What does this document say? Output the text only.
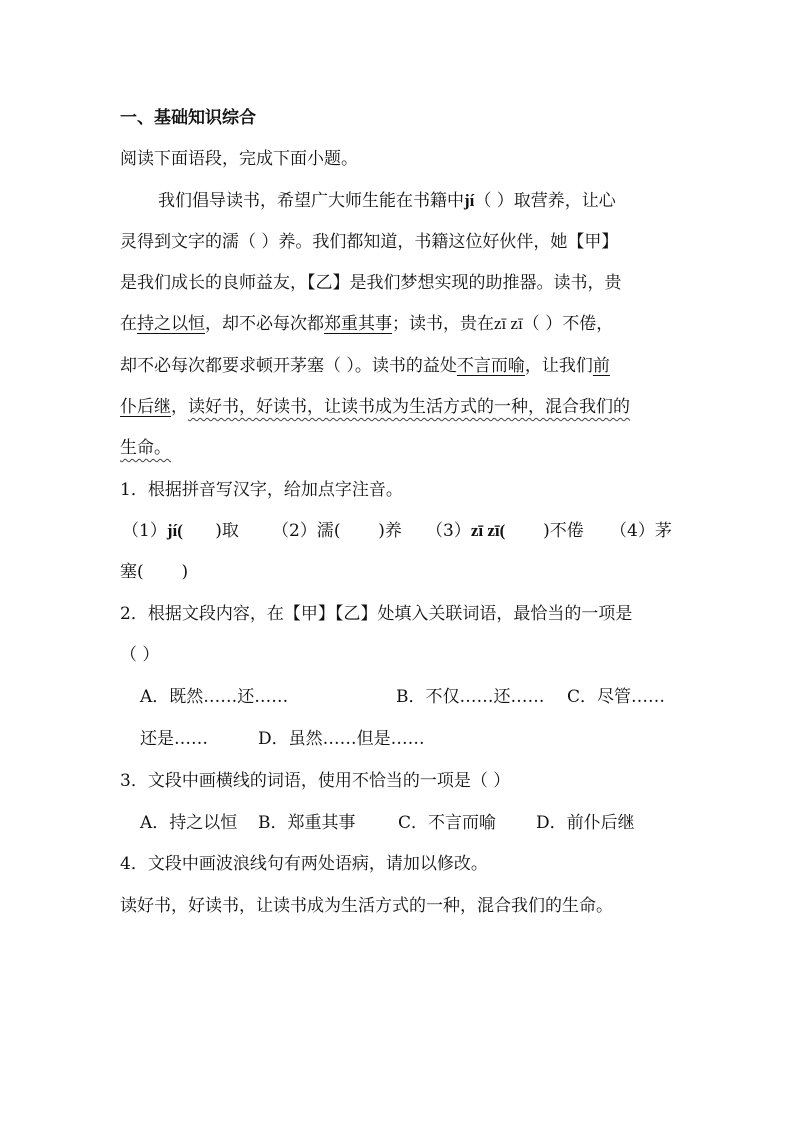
一、基础知识综合
阅读下面语段，完成下面小题。
我们倡导读书，希望广大师生能在书籍中jí（ ）取营养，让心
灵得到文字的濡（ ）养。我们都知道，书籍这位好伙伴，她【甲】
是我们成长的良师益友，【乙】是我们梦想实现的助推器。读书，贵
在持之以恒，却不必每次都郑重其事；读书，贵在zī zī（ ）不倦，
却不必每次都要求顿开茅塞（ ）。读书的益处不言而喻，让我们前
仆后继，读好书，好读书，让读书成为生活方式的一种，混合我们的
生命。
1．根据拼音写汉字，给加点字注音。
（1）jí(      )取 （2）濡(       )养 （3）zī zī(       )不倦 （4）茅
塞(       )
2．根据文段内容，在【甲】【乙】处填入关联词语，最恰当的一项是
（ ）
A．既然……还……	B．不仅……还…… C．尽管……
还是……	D．虽然……但是……
3．文段中画横线的词语，使用不恰当的一项是（ ）
A．持之以恒 B．郑重其事	C．不言而喻 D．前仆后继
4．文段中画波浪线句有两处语病，请加以修改。
读好书，好读书，让读书成为生活方式的一种，混合我们的生命。
